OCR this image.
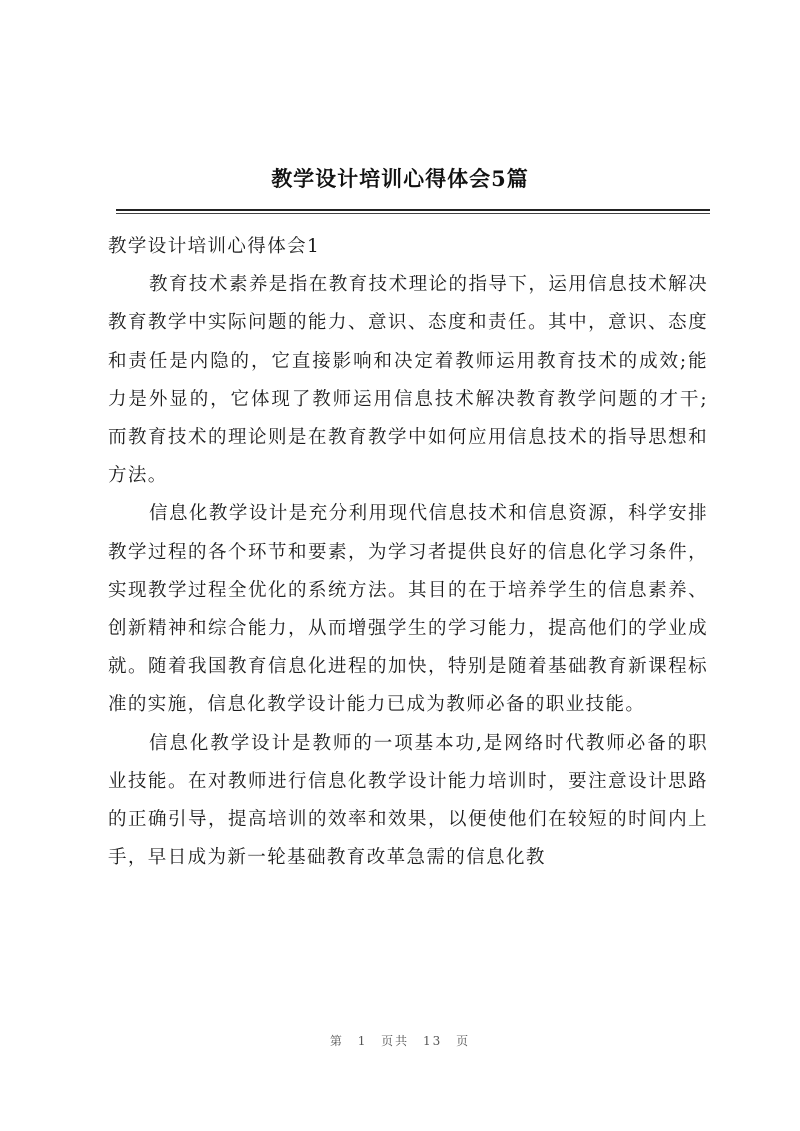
教学设计培训心得体会5篇

教学设计培训心得体会1

教育技术素养是指在教育技术理论的指导下，运用信息技术解决教育教学中实际问题的能力、意识、态度和责任。其中，意识、态度和责任是内隐的，它直接影响和决定着教师运用教育技术的成效;能力是外显的，它体现了教师运用信息技术解决教育教学问题的才干;而教育技术的理论则是在教育教学中如何应用信息技术的指导思想和方法。

信息化教学设计是充分利用现代信息技术和信息资源，科学安排教学过程的各个环节和要素，为学习者提供良好的信息化学习条件，实现教学过程全优化的系统方法。其目的在于培养学生的信息素养、创新精神和综合能力，从而增强学生的学习能力，提高他们的学业成就。随着我国教育信息化进程的加快，特别是随着基础教育新课程标准的实施，信息化教学设计能力已成为教师必备的职业技能。

信息化教学设计是教师的一项基本功,是网络时代教师必备的职业技能。在对教师进行信息化教学设计能力培训时，要注意设计思路的正确引导，提高培训的效率和效果，以便使他们在较短的时间内上手，早日成为新一轮基础教育改革急需的信息化教

第 1 页共 13 页
